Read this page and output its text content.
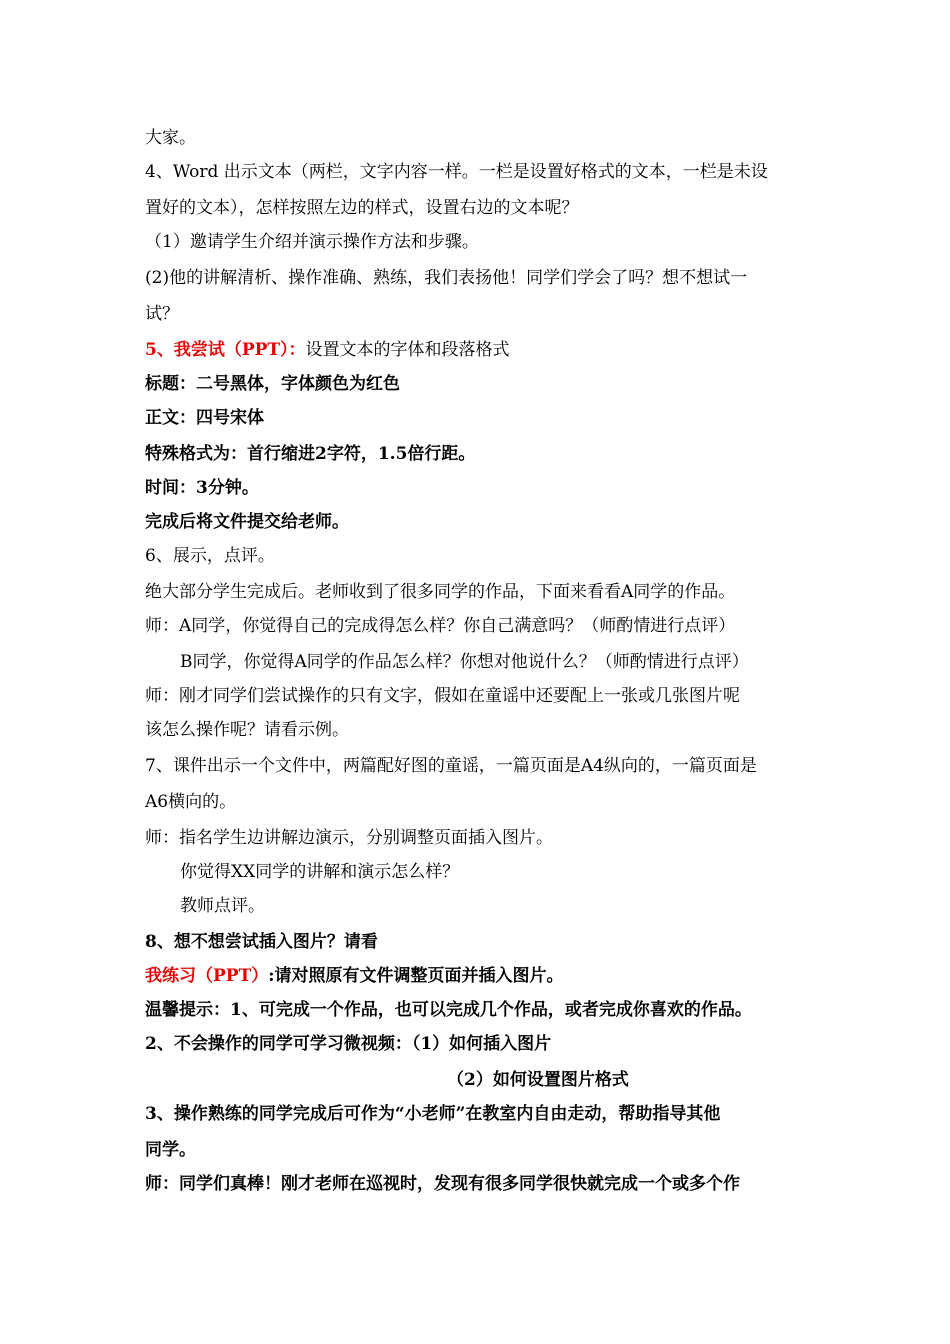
大家。
4、Word 出示文本（两栏，文字内容一样。一栏是设置好格式的文本，一栏是未设
置好的文本），怎样按照左边的样式，设置右边的文本呢？
（1）邀请学生介绍并演示操作方法和步骤。
(2)他的讲解清析、操作准确、熟练，我们表扬他！同学们学会了吗？想不想试一
试？
5、我尝试（PPT）：设置文本的字体和段落格式
标题：二号黑体，字体颜色为红色
正文：四号宋体
特殊格式为：首行缩进2字符，1.5倍行距。
时间：3分钟。
完成后将文件提交给老师。
6、展示，点评。
绝大部分学生完成后。老师收到了很多同学的作品，下面来看看A同学的作品。
师：A同学，你觉得自己的完成得怎么样？你自己满意吗？（师酌情进行点评）
B同学，你觉得A同学的作品怎么样？你想对他说什么？（师酌情进行点评）
师：刚才同学们尝试操作的只有文字，假如在童谣中还要配上一张或几张图片呢
该怎么操作呢？请看示例。
7、课件出示一个文件中，两篇配好图的童谣，一篇页面是A4纵向的，一篇页面是
A6横向的。
师：指名学生边讲解边演示，分别调整页面插入图片。
你觉得XX同学的讲解和演示怎么样？
教师点评。
8、想不想尝试插入图片？请看
我练习（PPT）:请对照原有文件调整页面并插入图片。
温馨提示：1、可完成一个作品，也可以完成几个作品，或者完成你喜欢的作品。
2、不会操作的同学可学习微视频：（1）如何插入图片
（2）如何设置图片格式
3、操作熟练的同学完成后可作为“小老师”在教室内自由走动，帮助指导其他
同学。
师：同学们真棒！刚才老师在巡视时，发现有很多同学很快就完成一个或多个作
